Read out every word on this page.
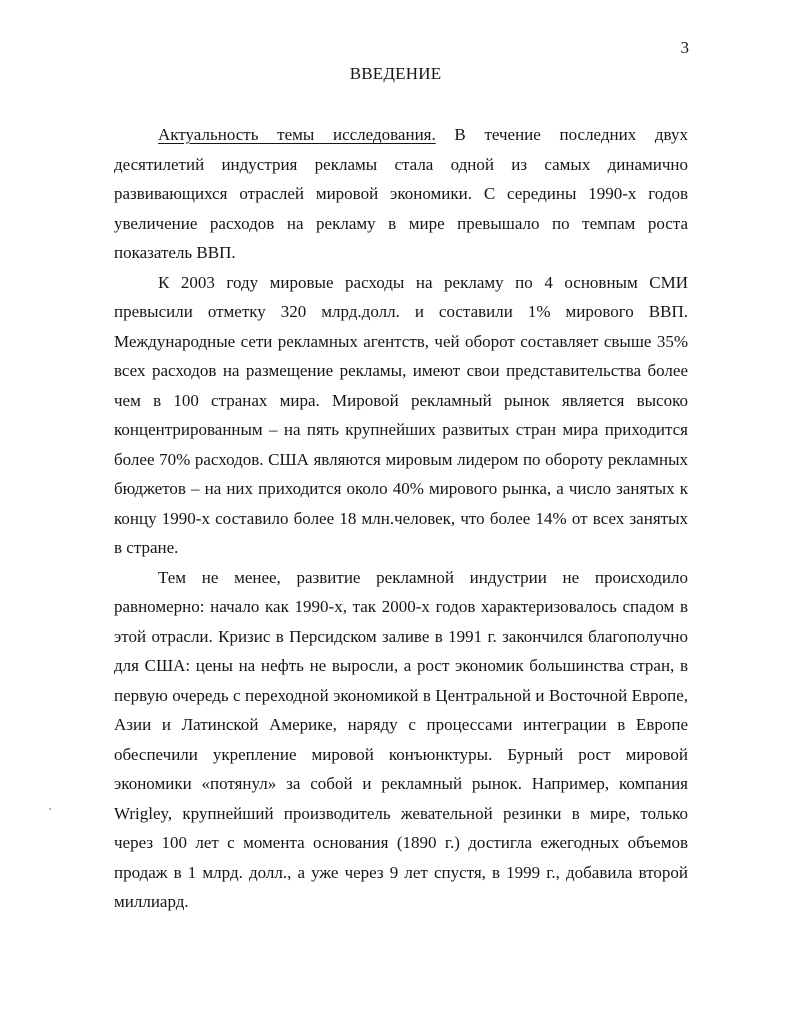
3
ВВЕДЕНИЕ

Актуальность темы исследования. В течение последних двух десятилетий индустрия рекламы стала одной из самых динамично развивающихся отраслей мировой экономики. С середины 1990-х годов увеличение расходов на рекламу в мире превышало по темпам роста показатель ВВП.

К 2003 году мировые расходы на рекламу по 4 основным СМИ превысили отметку 320 млрд.долл. и составили 1% мирового ВВП. Международные сети рекламных агентств, чей оборот составляет свыше 35% всех расходов на размещение рекламы, имеют свои представительства более чем в 100 странах мира. Мировой рекламный рынок является высоко концентрированным – на пять крупнейших развитых стран мира приходится более 70% расходов. США являются мировым лидером по обороту рекламных бюджетов – на них приходится около 40% мирового рынка, а число занятых к концу 1990-х составило более 18 млн.человек, что более 14% от всех занятых в стране.

Тем не менее, развитие рекламной индустрии не происходило равномерно: начало как 1990-х, так 2000-х годов характеризовалось спадом в этой отрасли. Кризис в Персидском заливе в 1991 г. закончился благополучно для США: цены на нефть не выросли, а рост экономик большинства стран, в первую очередь с переходной экономикой в Центральной и Восточной Европе, Азии и Латинской Америке, наряду с процессами интеграции в Европе обеспечили укрепление мировой конъюнктуры. Бурный рост мировой экономики «потянул» за собой и рекламный рынок. Например, компания Wrigley, крупнейший производитель жевательной резинки в мире, только через 100 лет с момента основания (1890 г.) достигла ежегодных объемов продаж в 1 млрд. долл., а уже через 9 лет спустя, в 1999 г., добавила второй миллиард.
